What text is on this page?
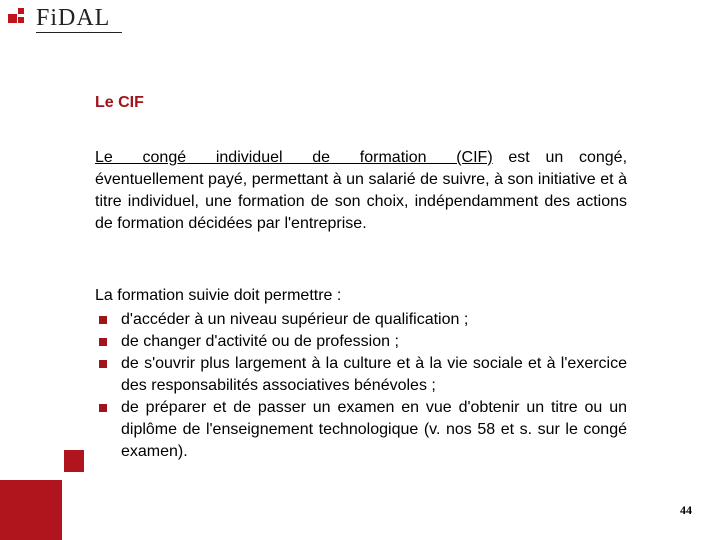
FiDAL
Le CIF
Le congé individuel de formation (CIF) est un congé, éventuellement payé, permettant à un salarié de suivre, à son initiative et à titre individuel, une formation de son choix, indépendamment des actions de formation décidées par l'entreprise.
La formation suivie doit permettre :
d'accéder à un niveau supérieur de qualification ;
de changer d'activité ou de profession ;
de s'ouvrir plus largement à la culture et à la vie sociale et à l'exercice des responsabilités associatives bénévoles ;
de préparer et de passer un examen en vue d'obtenir un titre ou un diplôme de l'enseignement technologique (v. nos 58 et s. sur le congé examen).
44
